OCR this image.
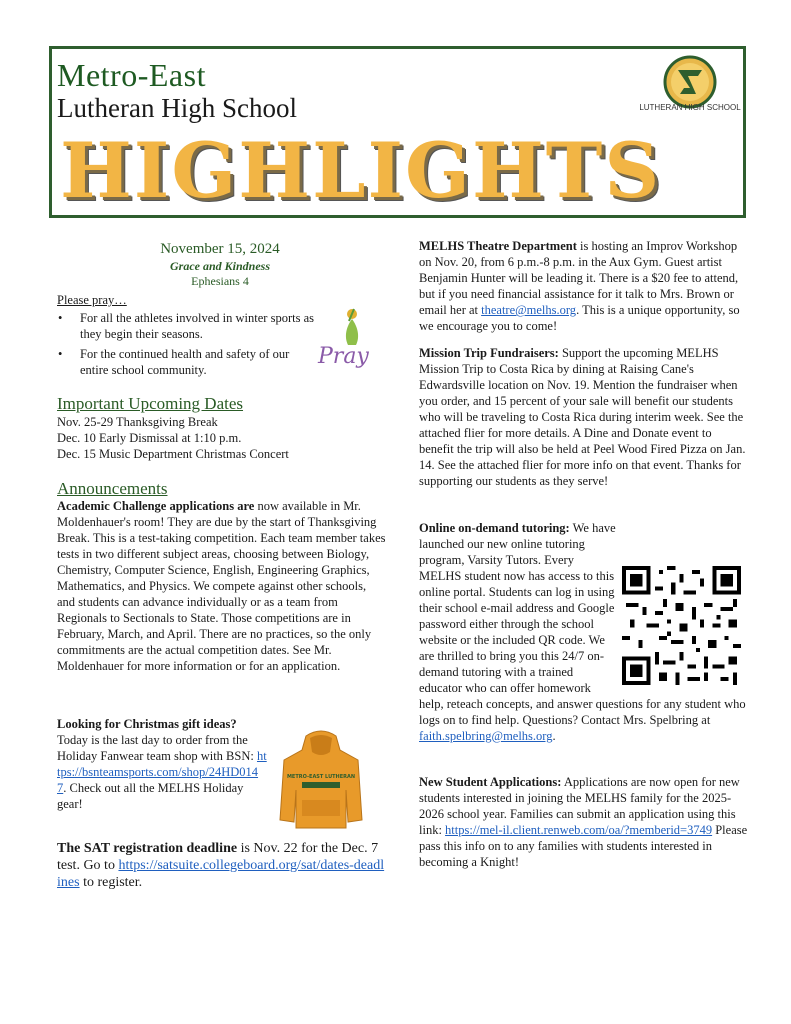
Metro-East
Lutheran High School
HIGHLIGHTS
LUTHERAN HIGH SCHOOL
November 15, 2024
Grace and Kindness
Ephesians 4
Please pray…
• For all the athletes involved in winter sports as they begin their seasons.
• For the continued health and safety of our entire school community.
Pray
Important Upcoming Dates
Nov. 25-29 Thanksgiving Break
Dec. 10 Early Dismissal at 1:10 p.m.
Dec. 15 Music Department Christmas Concert
Announcements
Academic Challenge applications are now available in Mr. Moldenhauer's room! They are due by the start of Thanksgiving Break. This is a test-taking competition. Each team member takes tests in two different subject areas, choosing between Biology, Chemistry, Computer Science, English, Engineering Graphics, Mathematics, and Physics. We compete against other schools, and students can advance individually or as a team from Regionals to Sectionals to State. Those competitions are in February, March, and April. There are no practices, so the only commitments are the actual competition dates. See Mr. Moldenhauer for more information or for an application.
Looking for Christmas gift ideas? Today is the last day to order from the Holiday Fanwear team shop with BSN: https://bsnteamsports.com/shop/24HD0147. Check out all the MELHS Holiday gear!
METRO-EAST LUTHERAN
The SAT registration deadline is Nov. 22 for the Dec. 7 test. Go to https://satsuite.collegeboard.org/sat/dates-deadlines to register.
MELHS Theatre Department is hosting an Improv Workshop on Nov. 20, from 6 p.m.-8 p.m. in the Aux Gym. Guest artist Benjamin Hunter will be leading it. There is a $20 fee to attend, but if you need financial assistance for it talk to Mrs. Brown or email her at theatre@melhs.org. This is a unique opportunity, so we encourage you to come!
Mission Trip Fundraisers: Support the upcoming MELHS Mission Trip to Costa Rica by dining at Raising Cane's Edwardsville location on Nov. 19. Mention the fundraiser when you order, and 15 percent of your sale will benefit our students who will be traveling to Costa Rica during interim week. See the attached flier for more details. A Dine and Donate event to benefit the trip will also be held at Peel Wood Fired Pizza on Jan. 14. See the attached flier for more info on that event. Thanks for supporting our students as they serve!
Online on-demand tutoring: We have launched our new online tutoring program, Varsity Tutors. Every MELHS student now has access to this online portal. Students can log in using their school e-mail address and Google password either through the school website or the included QR code. We are thrilled to bring you this 24/7 on-demand tutoring with a trained educator who can offer homework help, reteach concepts, and answer questions for any student who logs on to find help. Questions? Contact Mrs. Spelbring at faith.spelbring@melhs.org.
New Student Applications: Applications are now open for new students interested in joining the MELHS family for the 2025-2026 school year. Families can submit an application using this link: https://mel-il.client.renweb.com/oa/?memberid=3749 Please pass this info on to any families with students interested in becoming a Knight!
